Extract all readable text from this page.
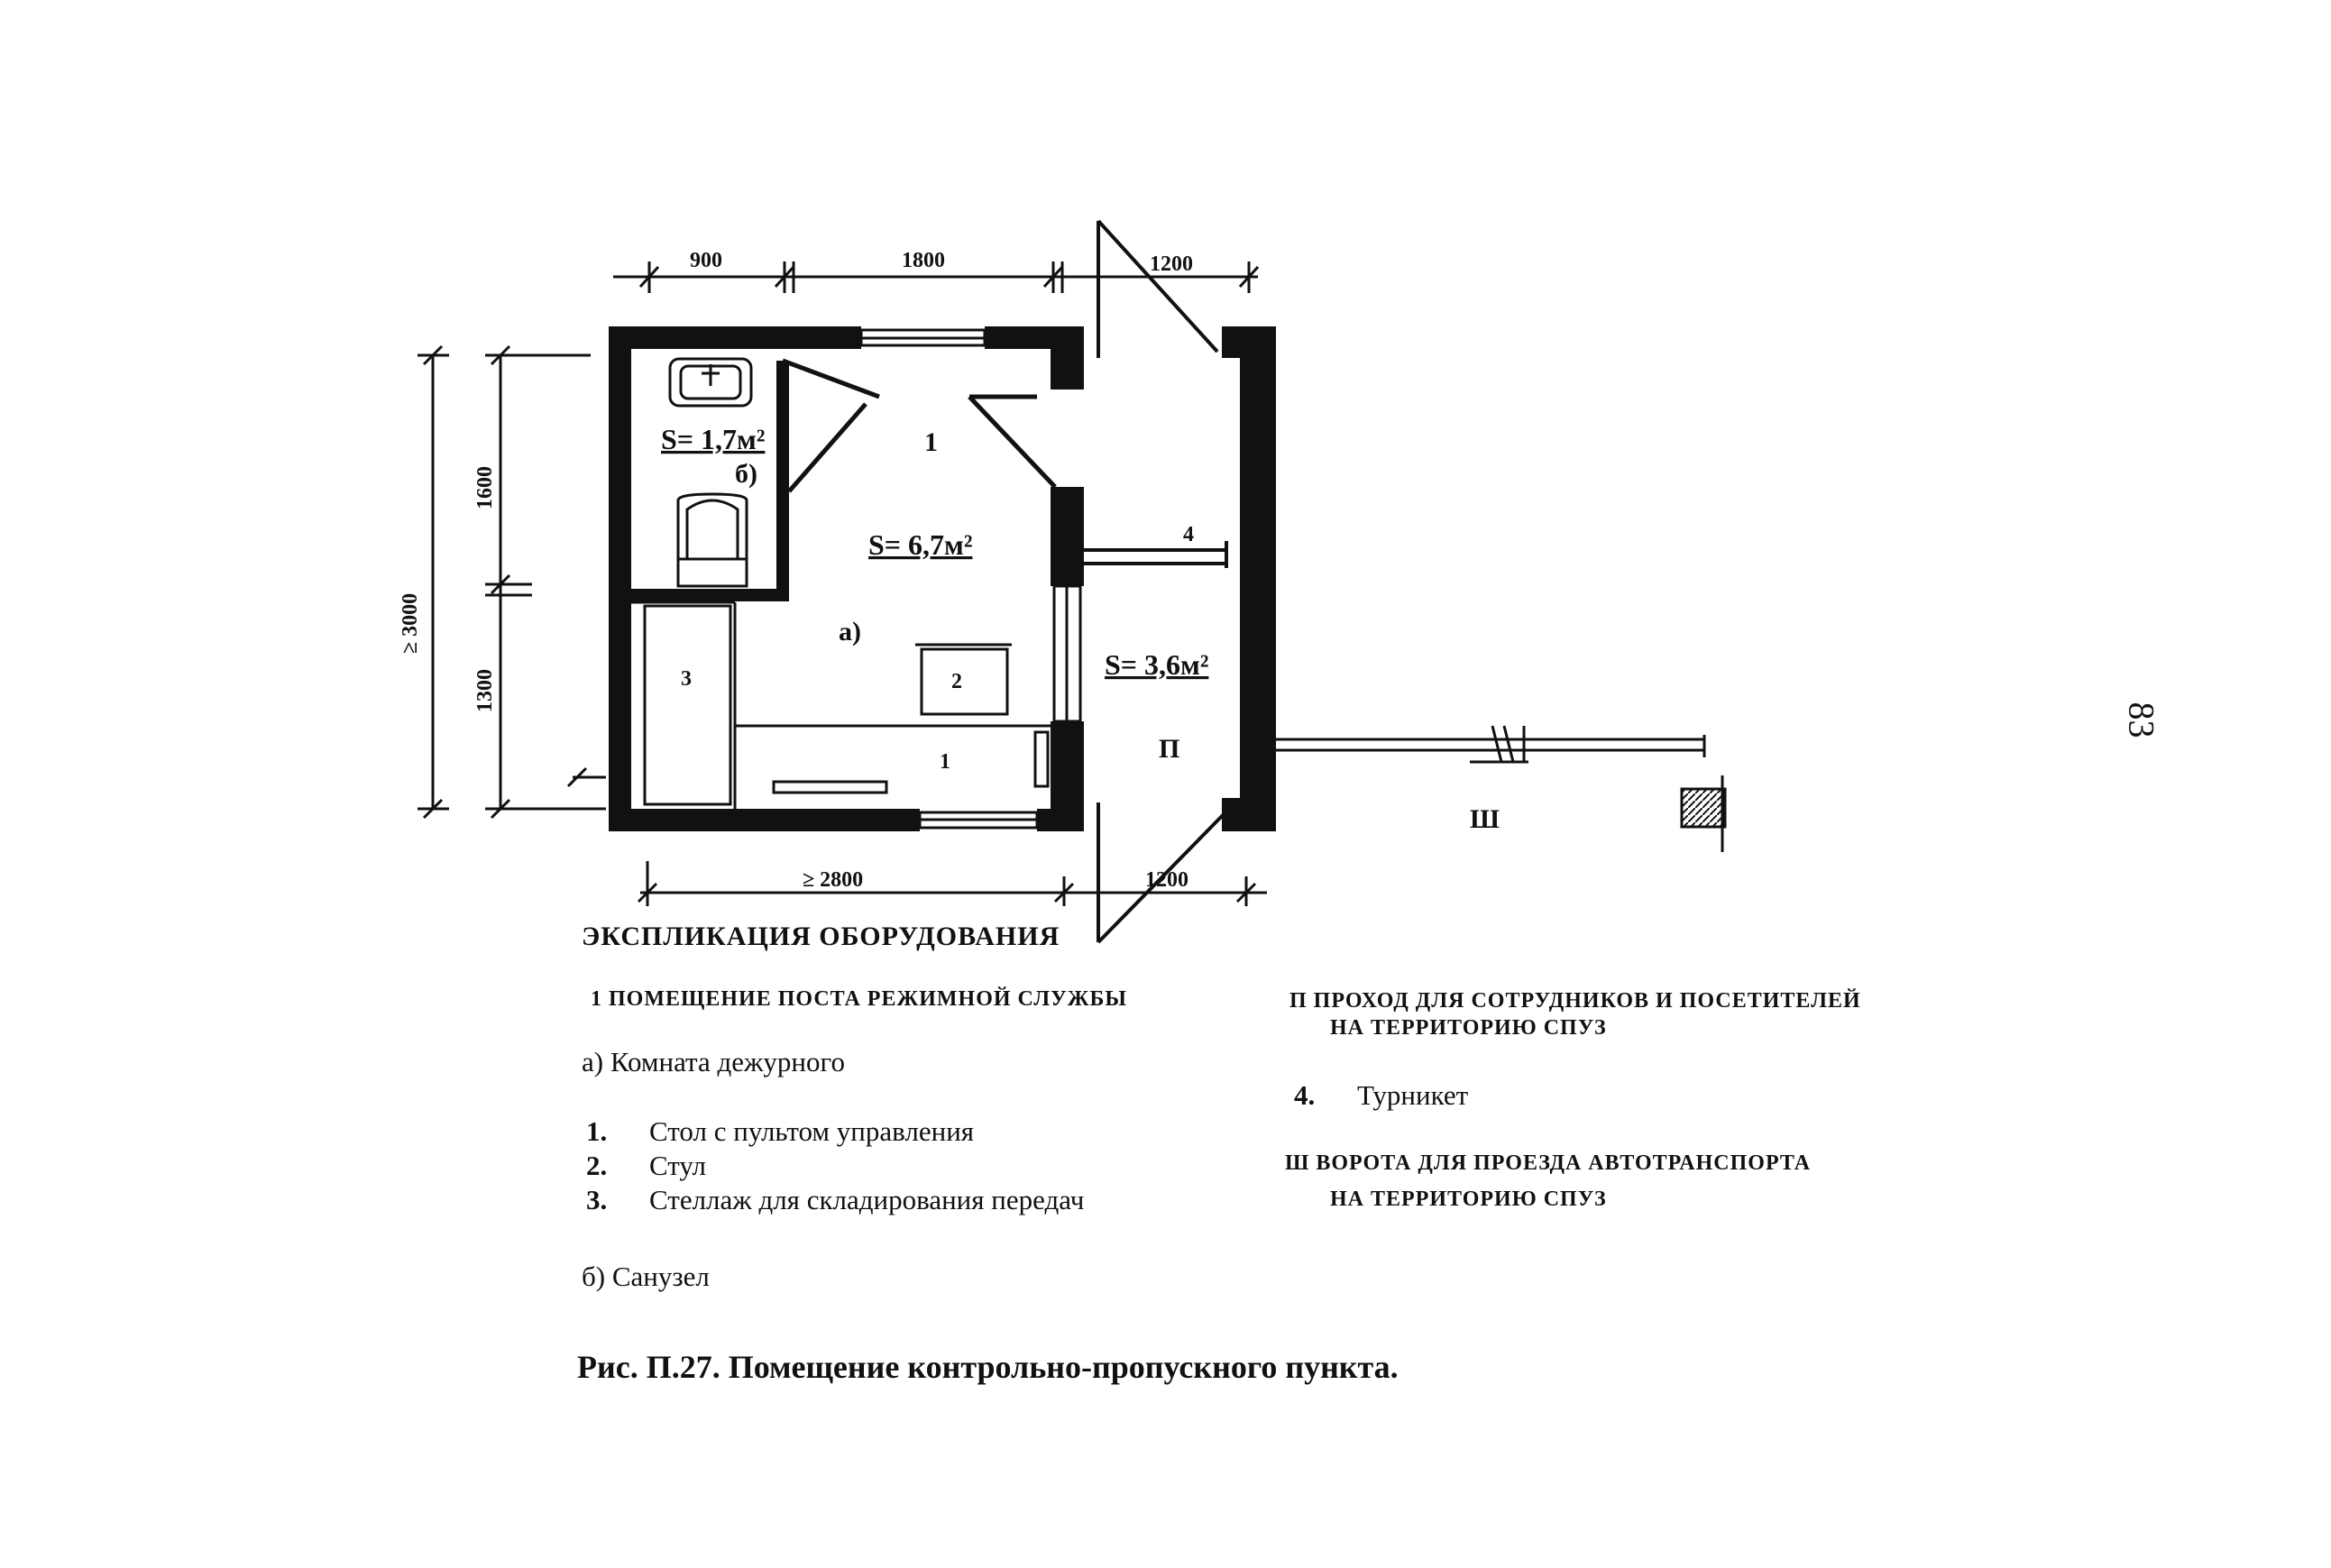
900	1800	1200
≥ 2800	1200
1600
1300
≥ 3000
S= 1,7м²
б)
1
S= 6,7м²
а)
2
3
1
4
S= 3,6м²
П
Ш
83
ЭКСПЛИКАЦИЯ ОБОРУДОВАНИЯ
1 ПОМЕЩЕНИЕ ПОСТА РЕЖИМНОЙ СЛУЖБЫ
а) Комната дежурного
1. Стол с пультом управления
2. Стул
3. Стеллаж для складирования передач
б) Санузел
П ПРОХОД ДЛЯ СОТРУДНИКОВ И ПОСЕТИТЕЛЕЙ
НА ТЕРРИТОРИЮ СПУЗ
4. Турникет
Ш ВОРОТА ДЛЯ ПРОЕЗДА АВТОТРАНСПОРТА
НА ТЕРРИТОРИЮ СПУЗ
Рис. П.27. Помещение контрольно-пропускного пункта.
